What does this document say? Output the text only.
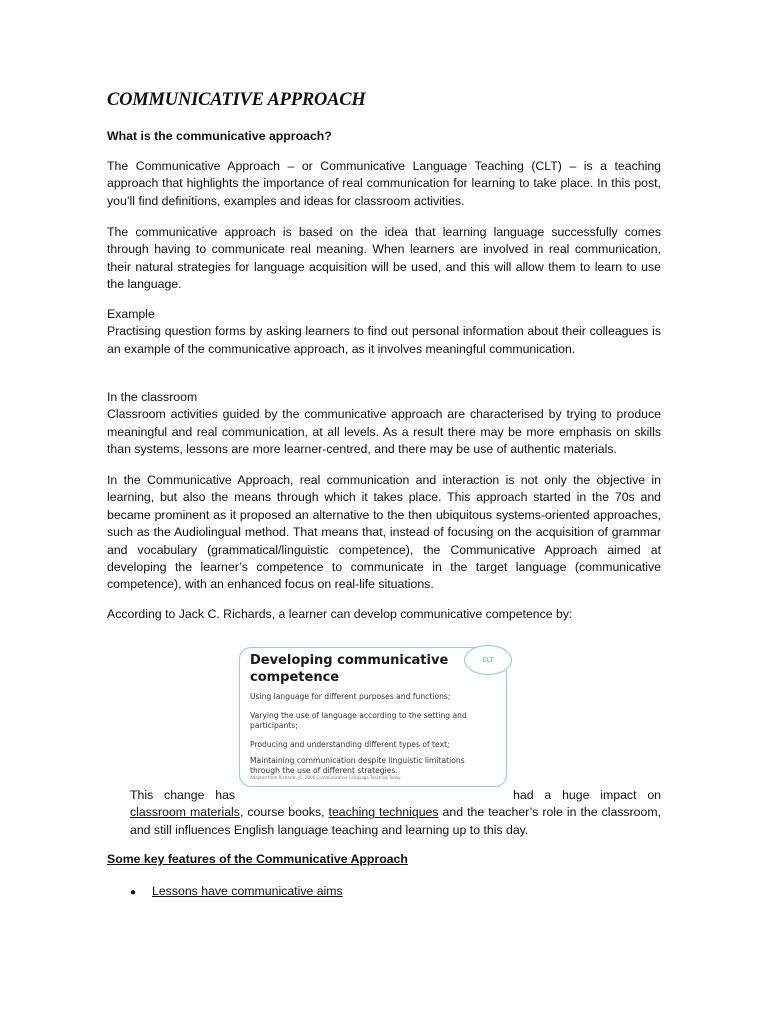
COMMUNICATIVE APPROACH

What is the communicative approach?

The Communicative Approach – or Communicative Language Teaching (CLT) – is a teaching approach that highlights the importance of real communication for learning to take place. In this post, you’ll find definitions, examples and ideas for classroom activities.

The communicative approach is based on the idea that learning language successfully comes through having to communicate real meaning. When learners are involved in real communication, their natural strategies for language acquisition will be used, and this will allow them to learn to use the language.

Example
Practising question forms by asking learners to find out personal information about their colleagues is an example of the communicative approach, as it involves meaningful communication.

In the classroom
Classroom activities guided by the communicative approach are characterised by trying to produce meaningful and real communication, at all levels. As a result there may be more emphasis on skills than systems, lessons are more learner-centred, and there may be use of authentic materials.

In the Communicative Approach, real communication and interaction is not only the objective in learning, but also the means through which it takes place. This approach started in the 70s and became prominent as it proposed an alternative to the then ubiquitous systems-oriented approaches, such as the Audiolingual method. That means that, instead of focusing on the acquisition of grammar and vocabulary (grammatical/linguistic competence), the Communicative Approach aimed at developing the learner’s competence to communicate in the target language (communicative competence), with an enhanced focus on real-life situations.

According to Jack C. Richards, a learner can develop communicative competence by:

Developing communicative competence

ELT

Using language for different purposes and functions;

Varying the use of language according to the setting and participants;

Producing and understanding different types of text;

Maintaining communication despite linguistic limitations through the use of different strategies.

Adapted from Richards, JC. 2006 Communicative Language Teaching Today

This change has	had a huge impact on classroom materials, course books, teaching techniques and the teacher’s role in the classroom, and still influences English language teaching and learning up to this day.

Some key features of the Communicative Approach
● Lessons have communicative aims
